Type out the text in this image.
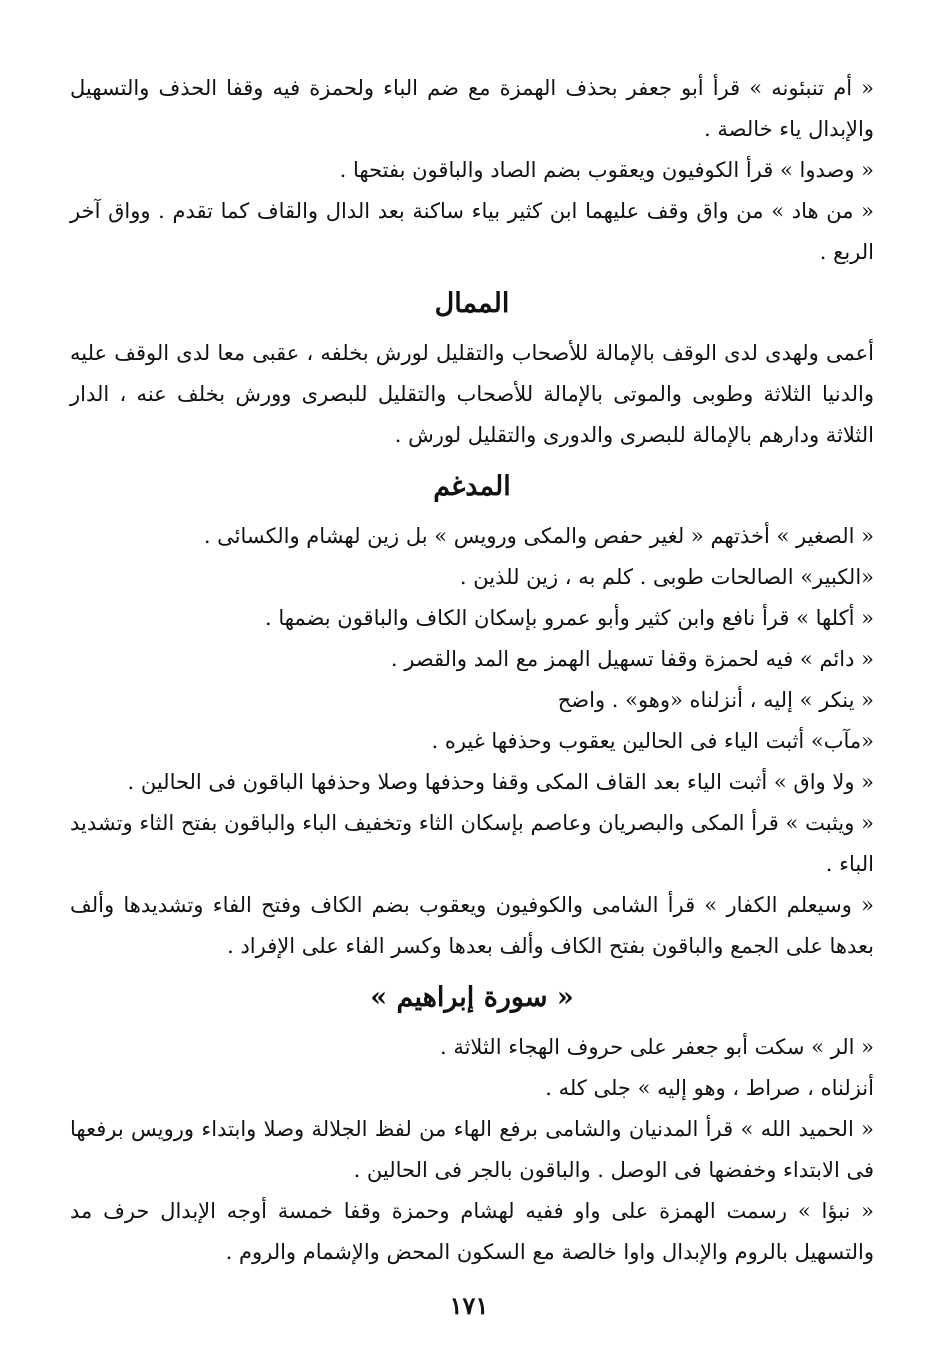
« أم تنبئونه » قرأ أبو جعفر بحذف الهمزة مع ضم الباء ولحمزة فيه وقفا الحذف والتسهيل والإبدال ياء خالصة .

« وصدوا » قرأ الكوفيون ويعقوب بضم الصاد والباقون بفتحها .

« من هاد » من واق وقف عليهما ابن كثير بياء ساكنة بعد الدال والقاف كما تقدم . وواق آخر الربع .

الممال

أعمى ولهدى لدى الوقف بالإمالة للأصحاب والتقليل لورش بخلفه ، عقبى معا لدى الوقف عليه والدنيا الثلاثة وطوبى والموتى بالإمالة للأصحاب والتقليل للبصرى وورش بخلف عنه ، الدار الثلاثة ودارهم بالإمالة للبصرى والدورى والتقليل لورش .

المدغم

« الصغير » أخذتهم « لغير حفص والمكى ورويس » بل زين لهشام والكسائى .

«الكبير» الصالحات طوبى . كلم به ، زين للذين .

« أكلها » قرأ نافع وابن كثير وأبو عمرو بإسكان الكاف والباقون بضمها .

« دائم » فيه لحمزة وقفا تسهيل الهمز مع المد والقصر .

« ينكر » إليه ، أنزلناه «وهو» . واضح

«مآب» أثبت الياء فى الحالين يعقوب وحذفها غيره .

« ولا واق » أثبت الياء بعد القاف المكى وقفا وحذفها وصلا وحذفها الباقون فى الحالين .

« ويثبت » قرأ المكى والبصريان وعاصم بإسكان الثاء وتخفيف الباء والباقون بفتح الثاء وتشديد الباء .

« وسيعلم الكفار » قرأ الشامى والكوفيون ويعقوب بضم الكاف وفتح الفاء وتشديدها وألف بعدها على الجمع والباقون بفتح الكاف وألف بعدها وكسر الفاء على الإفراد .

« سورة إبراهيم »

« الر » سكت أبو جعفر على حروف الهجاء الثلاثة .

أنزلناه ، صراط ، وهو إليه » جلى كله .

« الحميد الله » قرأ المدنيان والشامى برفع الهاء من لفظ الجلالة وصلا وابتداء ورويس برفعها فى الابتداء وخفضها فى الوصل . والباقون بالجر فى الحالين .

« نبؤا » رسمت الهمزة على واو ففيه لهشام وحمزة وقفا خمسة أوجه الإبدال حرف مد والتسهيل بالروم والإبدال واوا خالصة مع السكون المحض والإشمام والروم .

١٧١
